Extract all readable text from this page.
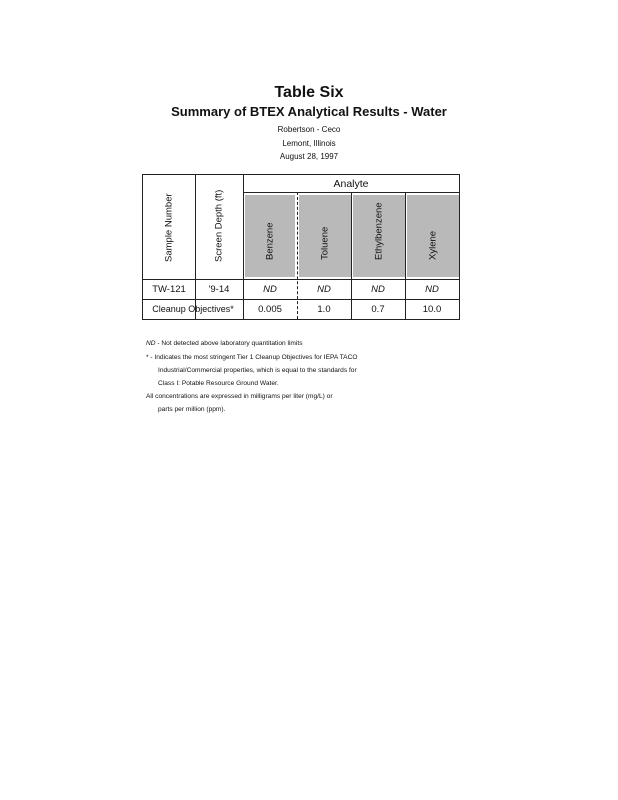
Table Six
Summary of BTEX Analytical Results - Water
Robertson - Ceco
Lemont, Illinois
August 28, 1997
Sample Number	Screen Depth (ft)
Analyte
Benzene	Toluene	Ethylbenzene	Xylene
TW-121	'9-14	ND	ND	ND	ND
Cleanup Objectives*	0.005	1.0	0.7	10.0
ND - Not detected above laboratory quantitation limits
* - Indicates the most stringent Tier 1 Cleanup Objectives for IEPA TACO
Industrial/Commercial properties, which is equal to the standards for
Class I: Potable Resource Ground Water.
All concentrations are expressed in milligrams per liter (mg/L) or
parts per million (ppm).
